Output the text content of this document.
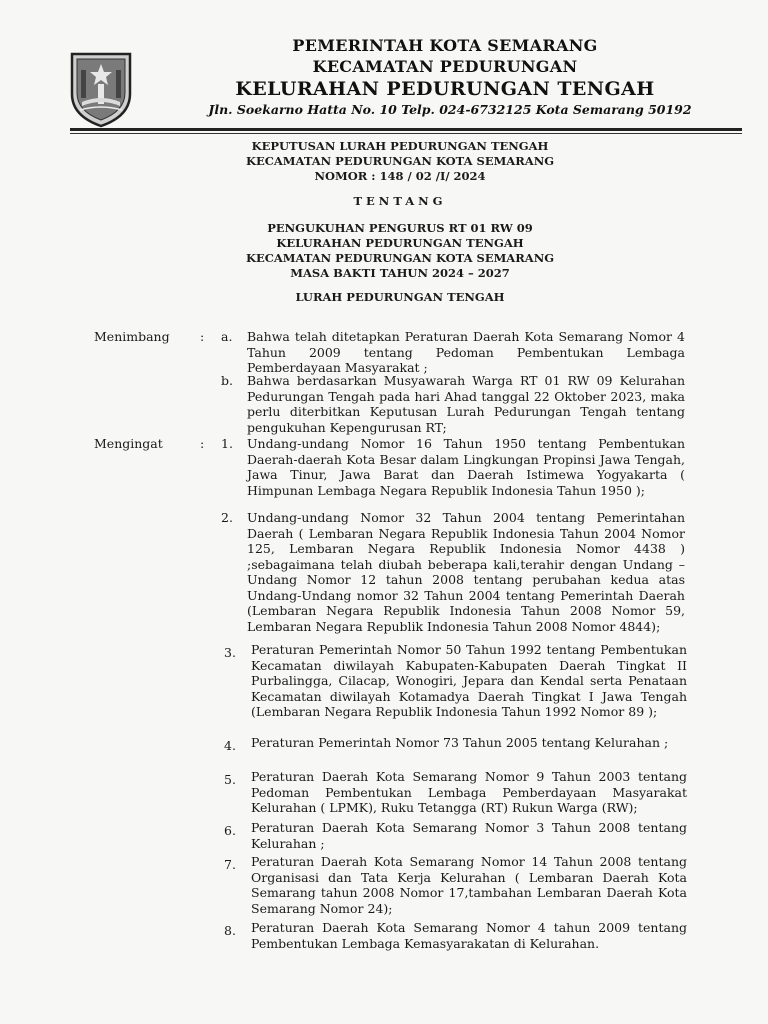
PEMERINTAH KOTA SEMARANG
KECAMATAN PEDURUNGAN
KELURAHAN PEDURUNGAN TENGAH
Jln. Soekarno Hatta No. 10 Telp. 024-6732125 Kota Semarang 50192
KEPUTUSAN LURAH PEDURUNGAN TENGAH
KECAMATAN PEDURUNGAN KOTA SEMARANG
NOMOR : 148 / 02 /I/ 2024
TENTANG
PENGUKUHAN PENGURUS RT 01 RW 09
KELURAHAN PEDURUNGAN TENGAH
KECAMATAN PEDURUNGAN KOTA SEMARANG
MASA BAKTI TAHUN 2024 – 2027
LURAH PEDURUNGAN TENGAH
Menimbang : a. Bahwa telah ditetapkan Peraturan Daerah Kota Semarang Nomor 4 Tahun 2009 tentang Pedoman Pembentukan Lembaga Pemberdayaan Masyarakat ;

b. Bahwa berdasarkan Musyawarah Warga RT 01 RW 09 Kelurahan Pedurungan Tengah pada hari Ahad tanggal 22 Oktober 2023, maka perlu diterbitkan Keputusan Lurah Pedurungan Tengah tentang pengukuhan Kepengurusan RT;

Mengingat	: 1. Undang-undang Nomor 16 Tahun 1950 tentang Pembentukan Daerah-daerah Kota Besar dalam Lingkungan Propinsi Jawa Tengah, Jawa Tinur, Jawa Barat dan Daerah Istimewa Yogyakarta ( Himpunan Lembaga Negara Republik Indonesia Tahun 1950 );

2. Undang-undang Nomor 32 Tahun 2004 tentang Pemerintahan Daerah ( Lembaran Negara Republik Indonesia Tahun 2004 Nomor 125, Lembaran Negara Republik Indonesia Nomor 4438 ) ;sebagaimana telah diubah beberapa kali,terahir dengan Undang –Undang Nomor 12 tahun 2008 tentang perubahan kedua atas Undang-Undang nomor 32 Tahun 2004 tentang Pemerintah Daerah (Lembaran Negara Republik Indonesia Tahun 2008 Nomor 59, Lembaran Negara Republik Indonesia Tahun 2008 Nomor 4844);

3. Peraturan Pemerintah Nomor 50 Tahun 1992 tentang Pembentukan Kecamatan diwilayah Kabupaten-Kabupaten Daerah Tingkat II Purbalingga, Cilacap, Wonogiri, Jepara dan Kendal serta Penataan Kecamatan diwilayah Kotamadya Daerah Tingkat I Jawa Tengah (Lembaran Negara Republik Indonesia Tahun 1992 Nomor 89 );

4. Peraturan Pemerintah Nomor 73 Tahun 2005 tentang Kelurahan ;

5. Peraturan Daerah Kota Semarang Nomor 9 Tahun 2003 tentang Pedoman Pembentukan Lembaga Pemberdayaan Masyarakat Kelurahan ( LPMK), Ruku Tetangga (RT) Rukun Warga (RW);

6. Peraturan Daerah Kota Semarang Nomor 3 Tahun 2008 tentang Kelurahan ;

7. Peraturan Daerah Kota Semarang Nomor 14 Tahun 2008 tentang Organisasi dan Tata Kerja Kelurahan ( Lembaran Daerah Kota Semarang tahun 2008 Nomor 17,tambahan Lembaran Daerah Kota Semarang Nomor 24);

8. Peraturan Daerah Kota Semarang Nomor 4 tahun 2009 tentang Pembentukan Lembaga Kemasyarakatan di Kelurahan.
